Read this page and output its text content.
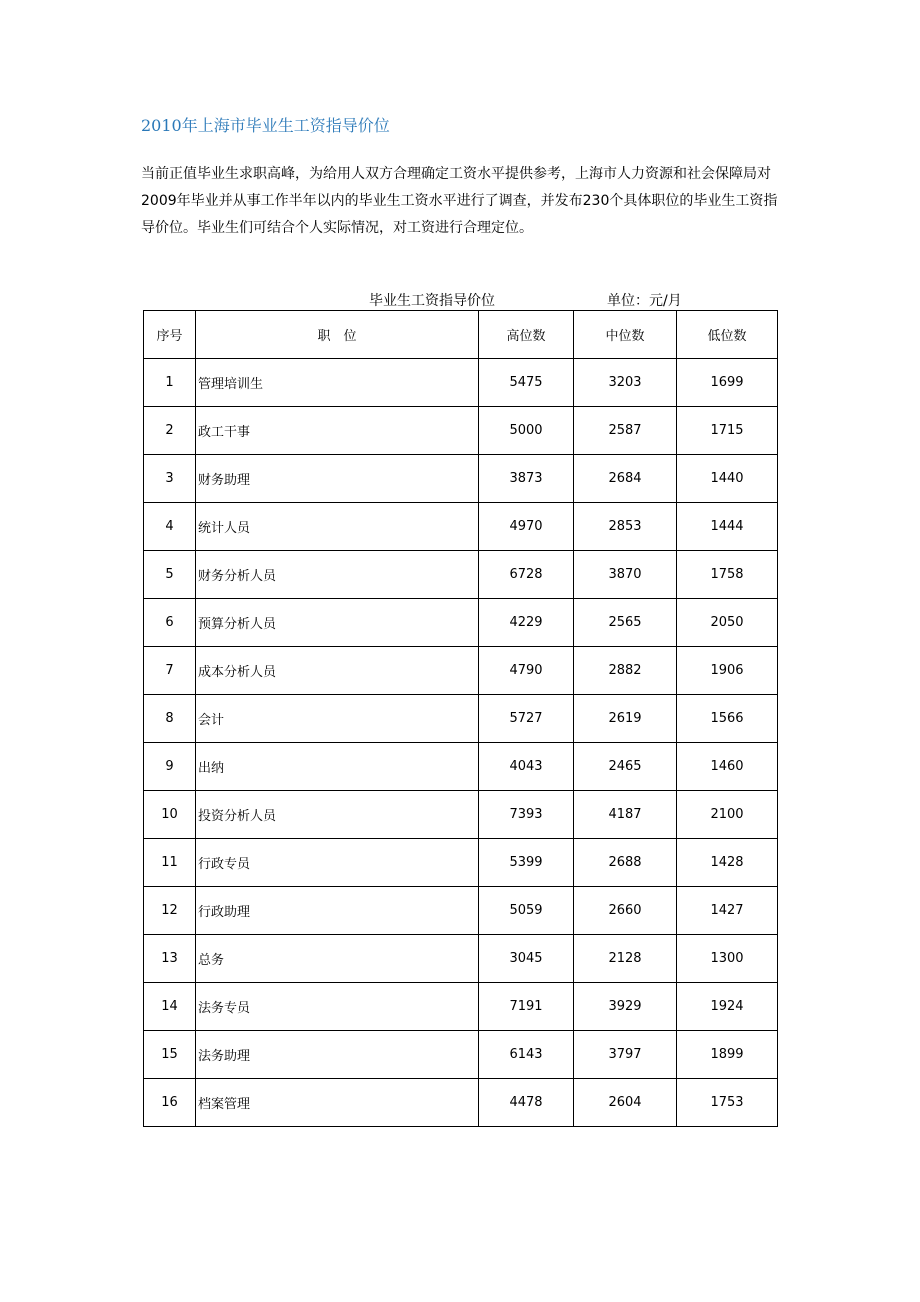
2010年上海市毕业生工资指导价位

当前正值毕业生求职高峰，为给用人双方合理确定工资水平提供参考，上海市人力资源和社会保障局对2009年毕业并从事工作半年以内的毕业生工资水平进行了调查，并发布230个具体职位的毕业生工资指导价位。毕业生们可结合个人实际情况，对工资进行合理定位。

毕业生工资指导价位	单位：元/月
序号	职　位	高位数	中位数	低位数
1	管理培训生	5475	3203	1699
2	政工干事	5000	2587	1715
3	财务助理	3873	2684	1440
4	统计人员	4970	2853	1444
5	财务分析人员	6728	3870	1758
6	预算分析人员	4229	2565	2050
7	成本分析人员	4790	2882	1906
8	会计	5727	2619	1566
9	出纳	4043	2465	1460
10	投资分析人员	7393	4187	2100
11	行政专员	5399	2688	1428
12	行政助理	5059	2660	1427
13	总务	3045	2128	1300
14	法务专员	7191	3929	1924
15	法务助理	6143	3797	1899
16	档案管理	4478	2604	1753
